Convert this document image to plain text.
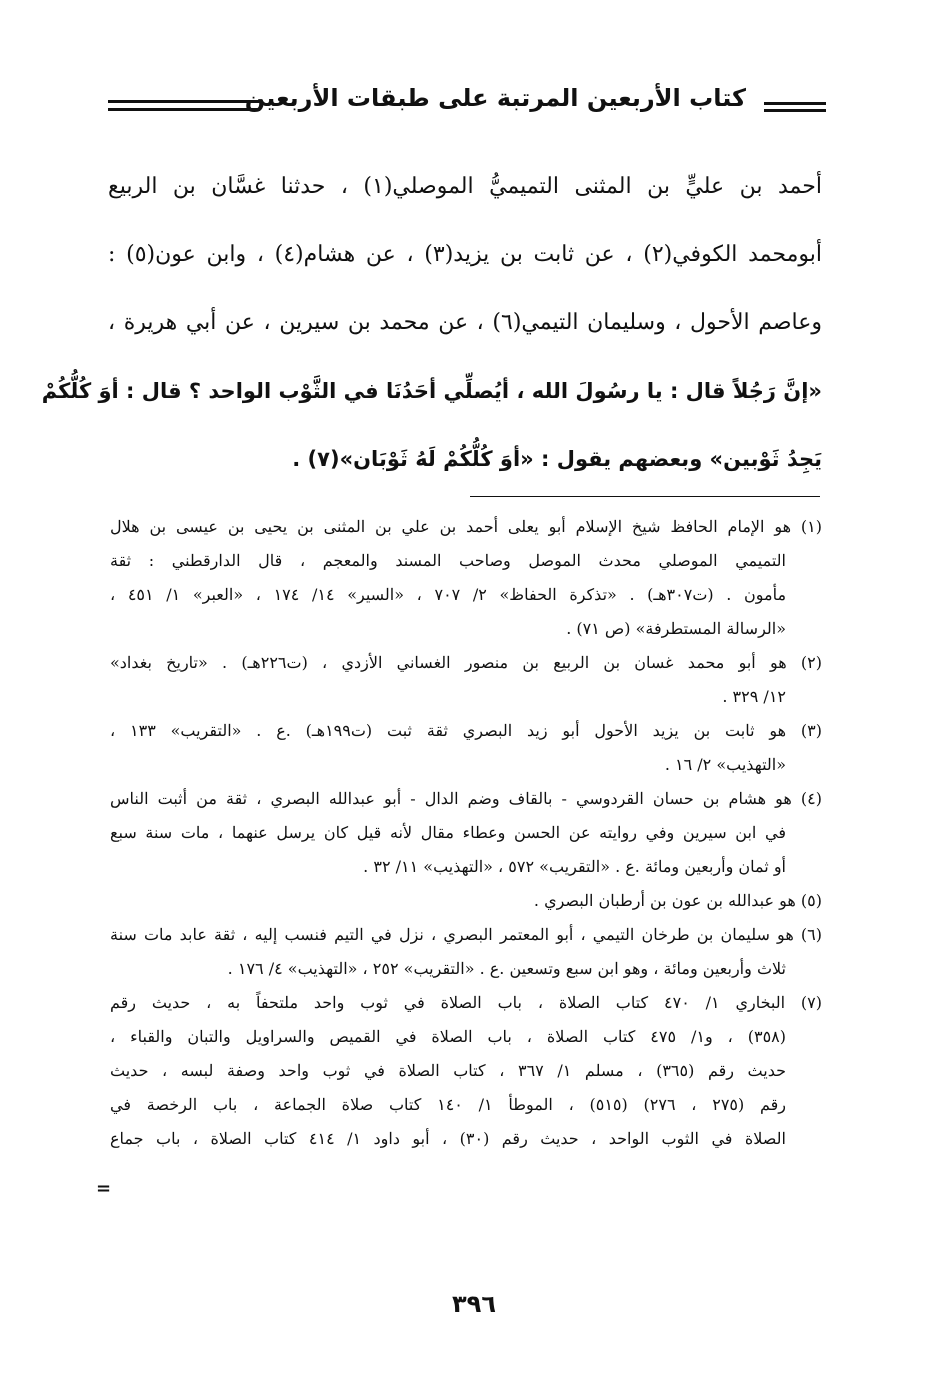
كتاب الأربعين المرتبة على طبقات الأربعين
أحمد بن عليٍّ بن المثنى التميميُّ الموصلي(١) ، حدثنا غسَّان بن الربيع
أبومحمد الكوفي(٢) ، عن ثابت بن يزيد(٣) ، عن هشام(٤) ، وابن عون(٥) :
وعاصم الأحول ، وسليمان التيمي(٦) ، عن محمد بن سيرين ، عن أبي هريرة ،
«إنَّ رَجُلاً قال : يا رسُولَ الله ، أيُصلِّي أحَدُنَا في الثَّوْب الواحد ؟ قال : أوَ كُلُّكُمْ
يَجِدُ ثَوْبين» وبعضهم يقول : «أوَ كُلُّكُمْ لَهُ ثَوْبَان»(٧) .
(١) هو الإمام الحافظ شيخ الإسلام أبو يعلى أحمد بن علي بن المثنى بن يحيى بن عيسى بن هلال
التميمي الموصلي محدث الموصل وصاحب المسند والمعجم ، قال الدارقطني : ثقة
مأمون . (ت٣٠٧هـ) . «تذكرة الحفاظ» ٢/ ٧٠٧ ، «السير» ١٤/ ١٧٤ ، «العبر» ١/ ٤٥١ ،
«الرسالة المستطرفة» (ص ٧١) .
(٢) هو أبو محمد غسان بن الربيع بن منصور الغساني الأزدي ، (ت٢٢٦هـ) . «تاريخ بغداد»
١٢/ ٣٢٩ .
(٣) هو ثابت بن يزيد الأحول أبو زيد البصري ثقة ثبت (ت١٩٩هـ) .ع . «التقريب» ١٣٣ ،
«التهذيب» ٢/ ١٦ .
(٤) هو هشام بن حسان القردوسي - بالقاف وضم الدال - أبو عبدالله البصري ، ثقة من أثبت الناس
في ابن سيرين وفي روايته عن الحسن وعطاء مقال لأنه قيل كان يرسل عنهما ، مات سنة سبع
أو ثمان وأربعين ومائة .ع . «التقريب» ٥٧٢ ، «التهذيب» ١١/ ٣٢ .
(٥) هو عبدالله بن عون بن أرطبان البصري .
(٦) هو سليمان بن طرخان التيمي ، أبو المعتمر البصري ، نزل في التيم فنسب إليه ، ثقة عابد مات سنة
ثلاث وأربعين ومائة ، وهو ابن سبع وتسعين .ع . «التقريب» ٢٥٢ ، «التهذيب» ٤/ ١٧٦ .
(٧) البخاري ١/ ٤٧٠ كتاب الصلاة ، باب الصلاة في ثوب واحد ملتحفاً به ، حديث رقم
(٣٥٨) ، و١/ ٤٧٥ كتاب الصلاة ، باب الصلاة في القميص والسراويل والتبان والقباء ،
حديث رقم (٣٦٥) ، مسلم ١/ ٣٦٧ ، كتاب الصلاة في ثوب واحد وصفة لبسه ، حديث
رقم (٢٧٥ ، ٢٧٦) (٥١٥) ، الموطأ ١/ ١٤٠ كتاب صلاة الجماعة ، باب الرخصة في
الصلاة في الثوب الواحد ، حديث رقم (٣٠) ، أبو داود ١/ ٤١٤ كتاب الصلاة ، باب جماع
=
٣٩٦
